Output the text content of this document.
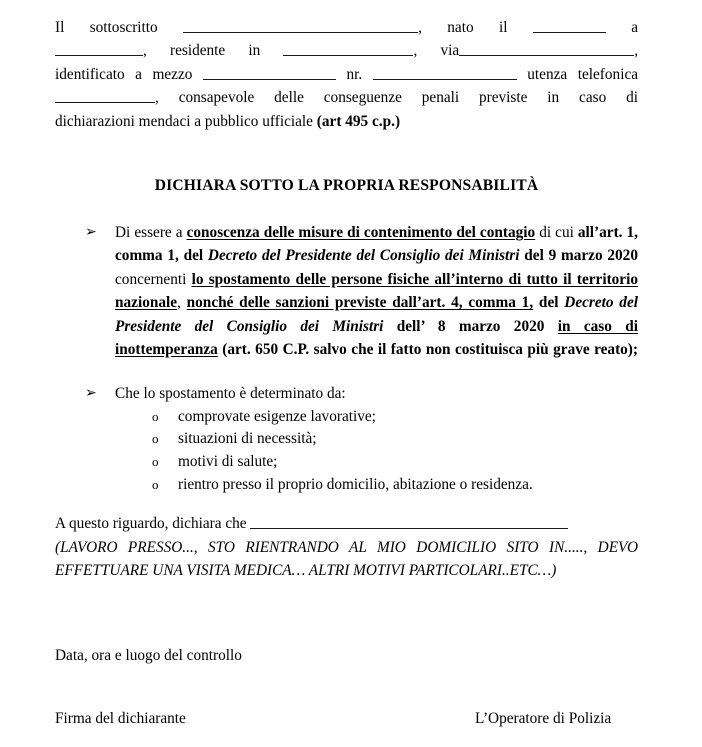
Il sottoscritto	, nato il	a
, residente in	, via	,
identificato a mezzo	nr.	utenza telefonica
, consapevole delle conseguenze penali previste in caso di
dichiarazioni mendaci a pubblico ufficiale (art 495 c.p.)
DICHIARA SOTTO LA PROPRIA RESPONSABILITÀ
➢	Di essere a conoscenza delle misure di contenimento del contagio di cui all’art. 1, comma 1, del Decreto del Presidente del Consiglio dei Ministri del 9 marzo 2020 concernenti lo spostamento delle persone fisiche all’interno di tutto il territorio nazionale, nonché delle sanzioni previste dall’art. 4, comma 1, del Decreto del Presidente del Consiglio dei Ministri dell’ 8 marzo 2020 in caso di inottemperanza (art. 650 C.P. salvo che il fatto non costituisca più grave reato);
➢	Che lo spostamento è determinato da:
o	comprovate esigenze lavorative;
o	situazioni di necessità;
o	motivi di salute;
o	rientro presso il proprio domicilio, abitazione o residenza.
A questo riguardo, dichiara che
(LAVORO PRESSO..., STO RIENTRANDO AL MIO DOMICILIO SITO IN....., DEVO
EFFETTUARE UNA VISITA MEDICA… ALTRI MOTIVI PARTICOLARI..ETC…)
Data, ora e luogo del controllo
Firma del dichiarante	L’Operatore di Polizia
